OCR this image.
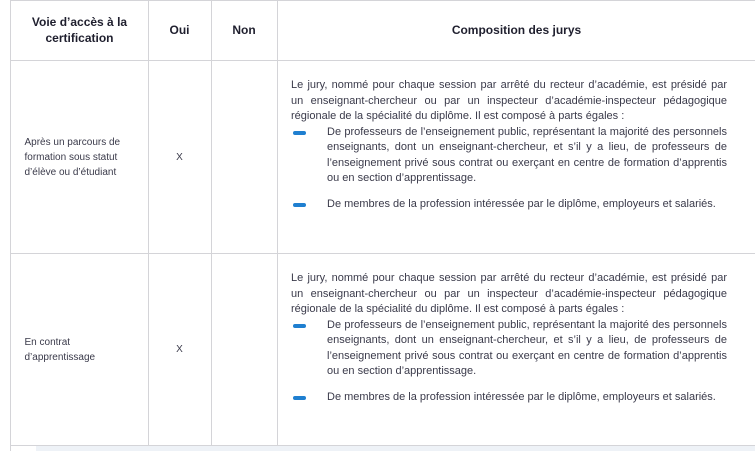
Voie d’accès à la certification
Oui	Non	Composition des jurys
Après un parcours de formation sous statut d’élève ou d’étudiant
X

Le jury, nommé pour chaque session par arrêté du recteur d’académie, est présidé par un enseignant-chercheur ou par un inspecteur d’académie-inspecteur pédagogique régionale de la spécialité du diplôme. Il est composé à parts égales :

De professeurs de l’enseignement public, représentant la majorité des personnels enseignants, dont un enseignant-chercheur, et s’il y a lieu, de professeurs de l’enseignement privé sous contrat ou exerçant en centre de formation d’apprentis ou en section d’apprentissage.
De membres de la profession intéressée par le diplôme, employeurs et salariés.
En contrat d’apprentissage
X

Le jury, nommé pour chaque session par arrêté du recteur d’académie, est présidé par un enseignant-chercheur ou par un inspecteur d’académie-inspecteur pédagogique régionale de la spécialité du diplôme. Il est composé à parts égales :

De professeurs de l’enseignement public, représentant la majorité des personnels enseignants, dont un enseignant-chercheur, et s’il y a lieu, de professeurs de l’enseignement privé sous contrat ou exerçant en centre de formation d’apprentis ou en section d’apprentissage.
De membres de la profession intéressée par le diplôme, employeurs et salariés.
